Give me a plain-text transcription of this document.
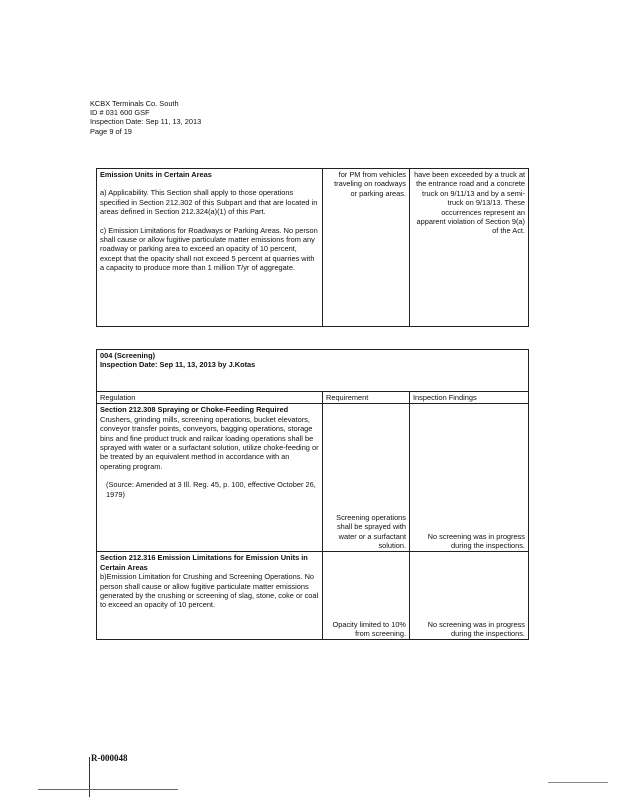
KCBX Terminals Co. South
ID # 031 600 GSF
Inspection Date: Sep 11, 13, 2013
Page 9 of 19
Emission Units in Certain Areas
a) Applicability. This Section shall apply to those operations specified in Section 212.302 of this Subpart and that are located in areas defined in Section 212.324(a)(1) of this Part.
c) Emission Limitations for Roadways or Parking Areas. No person shall cause or allow fugitive particulate matter emissions from any roadway or parking area to exceed an opacity of 10 percent, except that the opacity shall not exceed 5 percent at quarries with a capacity to produce more than 1 million T/yr of aggregate.
	for PM from vehicles traveling on roadways or parking areas.	have been exceeded by a truck at the entrance road and a concrete truck on 9/11/13 and by a semi-truck on 9/13/13. These occurrences represent an apparent violation of Section 9(a) of the Act.
004 (Screening)
Inspection Date: Sep 11, 13, 2013 by J.Kotas		

Regulation	Requirement	Inspection Findings

Section 212.308 Spraying or Choke-Feeding Required
Crushers, grinding mills, screening operations, bucket elevators, conveyor transfer points, conveyors, bagging operations, storage bins and fine product truck and railcar loading operations shall be sprayed with water or a surfactant solution, utilize choke-feeding or be treated by an equivalent method in accordance with an operating program.
(Source: Amended at 3 Ill. Reg. 45, p. 100, effective October 26, 1979)	Screening operations shall be sprayed with water or a surfactant solution.	No screening was in progress during the inspections.

Section 212.316 Emission Limitations for Emission Units in Certain Areas
b)Emission Limitation for Crushing and Screening Operations. No person shall cause or allow fugitive particulate matter emissions generated by the crushing or screening of slag, stone, coke or coal to exceed an opacity of 10 percent.	Opacity limited to 10% from screening.	No screening was in progress during the inspections.
R-000048
